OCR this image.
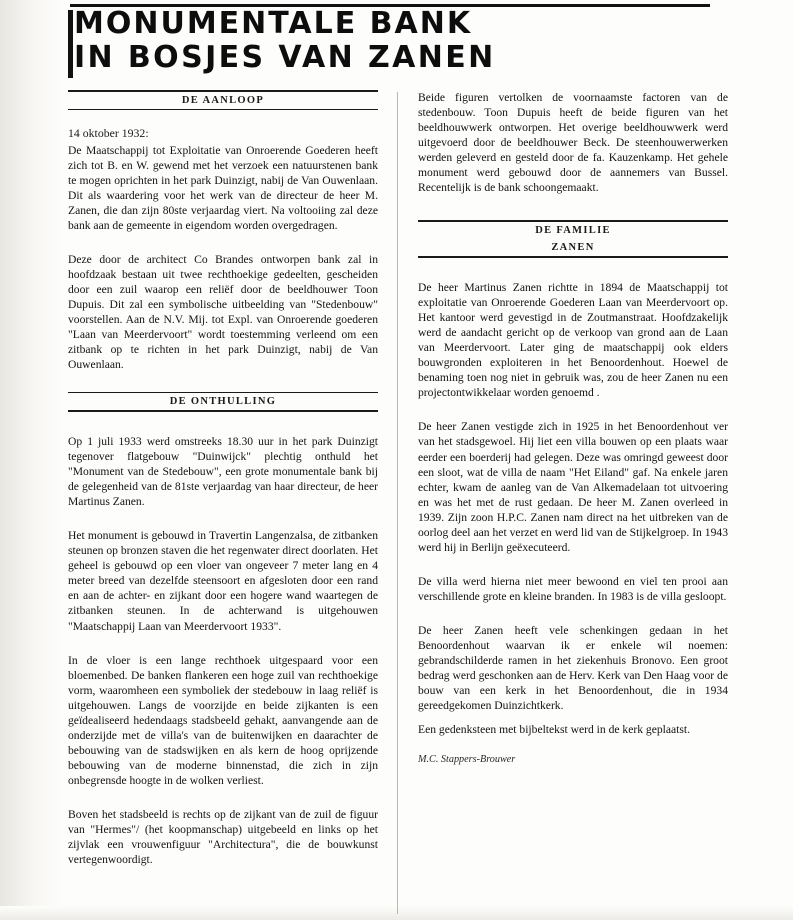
MONUMENTALE BANK
IN BOSJES VAN ZANEN
DE AANLOOP
14 oktober 1932:

De Maatschappij tot Exploitatie van Onroerende Goederen heeft zich tot B. en W. gewend met het verzoek een natuurstenen bank te mogen oprichten in het park Duinzigt, nabij de Van Ouwenlaan. Dit als waardering voor het werk van de directeur de heer M. Zanen, die dan zijn 80ste verjaardag viert. Na voltooiing zal deze bank aan de gemeente in eigendom worden overgedragen.

Deze door de architect Co Brandes ontworpen bank zal in hoofdzaak bestaan uit twee rechthoekige gedeelten, gescheiden door een zuil waarop een reliëf door de beeldhouwer Toon Dupuis. Dit zal een symbolische uitbeelding van "Stedenbouw" voorstellen. Aan de N.V. Mij. tot Expl. van Onroerende goederen "Laan van Meerdervoort" wordt toestemming verleend om een zitbank op te richten in het park Duinzigt, nabij de Van Ouwenlaan.

DE ONTHULLING

Op 1 juli 1933 werd omstreeks 18.30 uur in het park Duinzigt tegenover flatgebouw "Duinwijck" plechtig onthuld het "Monument van de Stedebouw", een grote monumentale bank bij de gelegenheid van de 81ste verjaardag van haar directeur, de heer Martinus Zanen.

Het monument is gebouwd in Travertin Langenzalsa, de zitbanken steunen op bronzen staven die het regenwater direct doorlaten. Het geheel is gebouwd op een vloer van ongeveer 7 meter lang en 4 meter breed van dezelfde steensoort en afgesloten door een rand en aan de achter- en zijkant door een hogere wand waartegen de zitbanken steunen. In de achterwand is uitgehouwen "Maatschappij Laan van Meerdervoort 1933".

In de vloer is een lange rechthoek uitgespaard voor een bloemenbed. De banken flankeren een hoge zuil van rechthoekige vorm, waaromheen een symboliek der stedebouw in laag reliëf is uitgehouwen. Langs de voorzijde en beide zijkanten is een geïdealiseerd hedendaags stadsbeeld gehakt, aanvangende aan de onderzijde met de villa's van de buitenwijken en daarachter de bebouwing van de stadswijken en als kern de hoog oprijzende bebouwing van de moderne binnenstad, die zich in zijn onbegrensde hoogte in de wolken verliest.

Boven het stadsbeeld is rechts op de zijkant van de zuil de figuur van "Hermes"/ (het koopmanschap) uitgebeeld en links op het zijvlak een vrouwenfiguur "Architectura", die de bouwkunst vertegenwoordigt.

Beide figuren vertolken de voornaamste factoren van de stedenbouw. Toon Dupuis heeft de beide figuren van het beeldhouwwerk ontworpen. Het overige beeldhouwwerk werd uitgevoerd door de beeldhouwer Beck. De steenhouwerwerken werden geleverd en gesteld door de fa. Kauzenkamp. Het gehele monument werd gebouwd door de aannemers van Bussel. Recentelijk is de bank schoongemaakt.

DE FAMILIE
ZANEN

De heer Martinus Zanen richtte in 1894 de Maatschappij tot exploitatie van Onroerende Goederen Laan van Meerdervoort op. Het kantoor werd gevestigd in de Zoutmanstraat. Hoofdzakelijk werd de aandacht gericht op de verkoop van grond aan de Laan van Meerdervoort. Later ging de maatschappij ook elders bouwgronden exploiteren in het Benoordenhout. Hoewel de benaming toen nog niet in gebruik was, zou de heer Zanen nu een projectontwikkelaar worden genoemd .

De heer Zanen vestigde zich in 1925 in het Benoordenhout ver van het stadsgewoel. Hij liet een villa bouwen op een plaats waar eerder een boerderij had gelegen. Deze was omringd geweest door een sloot, wat de villa de naam "Het Eiland" gaf. Na enkele jaren echter, kwam de aanleg van de Van Alkemadelaan tot uitvoering en was het met de rust gedaan. De heer M. Zanen overleed in 1939. Zijn zoon H.P.C. Zanen nam direct na het uitbreken van de oorlog deel aan het verzet en werd lid van de Stijkelgroep. In 1943 werd hij in Berlijn geëxecuteerd.

De villa werd hierna niet meer bewoond en viel ten prooi aan verschillende grote en kleine branden. In 1983 is de villa gesloopt.

De heer Zanen heeft vele schenkingen gedaan in het Benoordenhout waarvan ik er enkele wil noemen: gebrandschilderde ramen in het ziekenhuis Bronovo. Een groot bedrag werd geschonken aan de Herv. Kerk van Den Haag voor de bouw van een kerk in het Benoordenhout, die in 1934 gereedgekomen Duinzichtkerk.

Een gedenksteen met bijbeltekst werd in de kerk geplaatst.

M.C. Stappers-Brouwer
